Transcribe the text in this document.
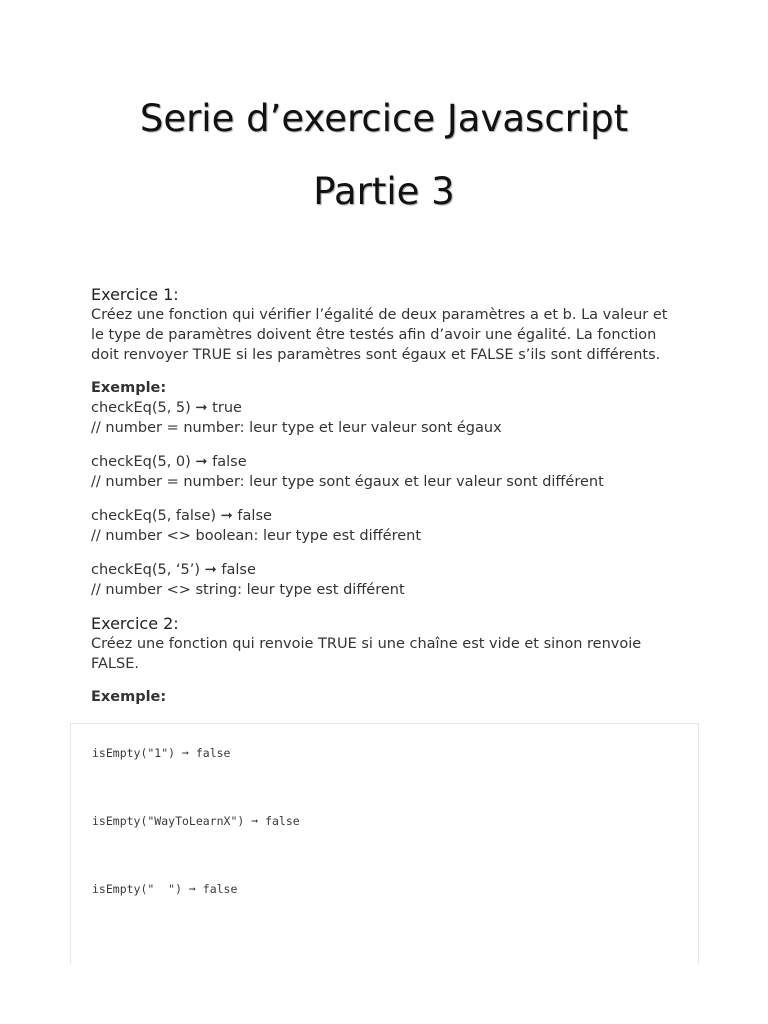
Serie d’exercice Javascript
Partie 3

Exercice 1:

Créez une fonction qui vérifier l’égalité de deux paramètres a et b. La valeur et le type de paramètres doivent être testés afin d’avoir une égalité. La fonction doit renvoyer TRUE si les paramètres sont égaux et FALSE s’ils sont différents.

Exemple:

checkEq(5, 5) ➞ true

// number = number: leur type et leur valeur sont égaux

checkEq(5, 0) ➞ false

// number = number: leur type sont égaux et leur valeur sont différent

checkEq(5, false) ➞ false

// number <> boolean: leur type est différent

checkEq(5, ‘5’) ➞ false

// number <> string: leur type est différent

Exercice 2:

Créez une fonction qui renvoie TRUE si une chaîne est vide et sinon renvoie FALSE.

Exemple:

isEmpty("1") ➞ false
isEmpty("WayToLearnX") ➞ false
isEmpty("  ") ➞ false
